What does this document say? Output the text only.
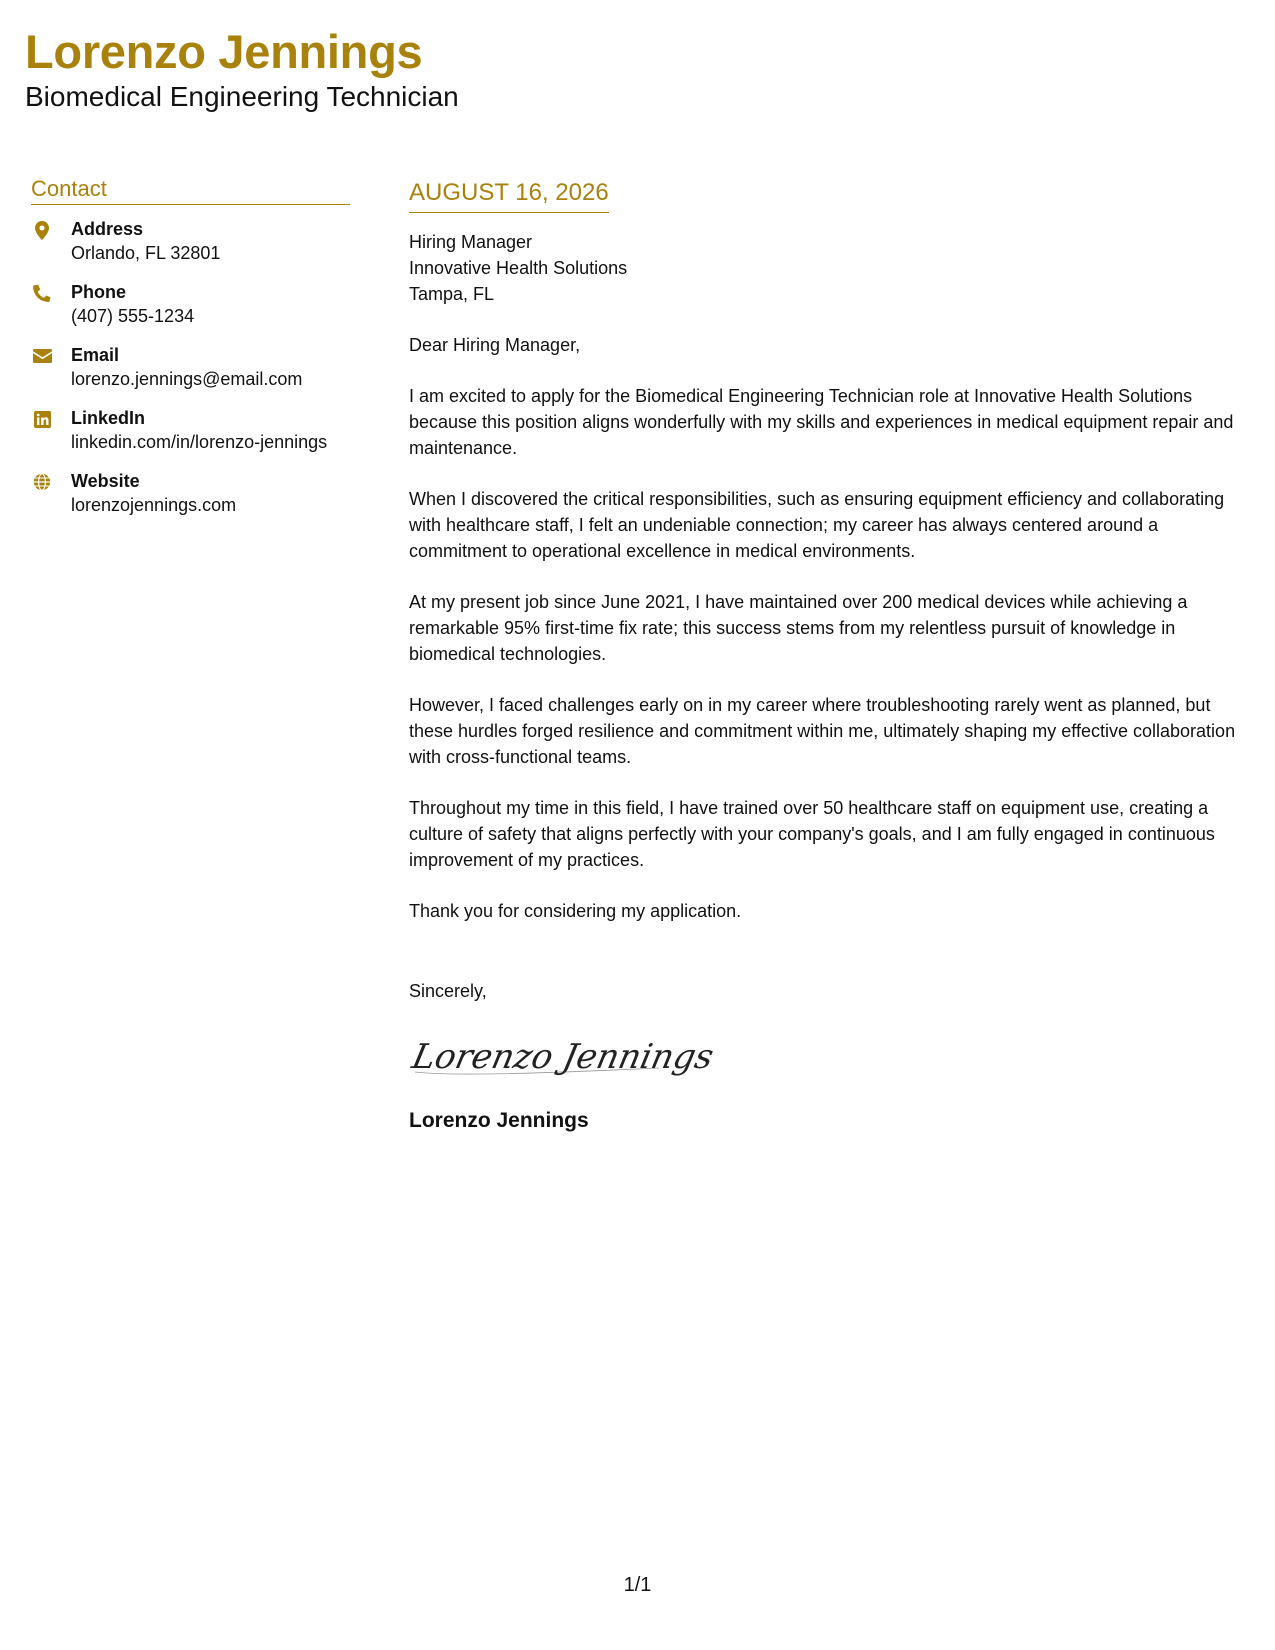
Lorenzo Jennings
Biomedical Engineering Technician
Contact
Address
Orlando, FL 32801
Phone
(407) 555-1234
Email
lorenzo.jennings@email.com
LinkedIn
linkedin.com/in/lorenzo-jennings
Website
lorenzojennings.com
AUGUST 16, 2026
Hiring Manager
Innovative Health Solutions
Tampa, FL
Dear Hiring Manager,
I am excited to apply for the Biomedical Engineering Technician role at Innovative Health Solutions because this position aligns wonderfully with my skills and experiences in medical equipment repair and maintenance.
When I discovered the critical responsibilities, such as ensuring equipment efficiency and collaborating with healthcare staff, I felt an undeniable connection; my career has always centered around a commitment to operational excellence in medical environments.
At my present job since June 2021, I have maintained over 200 medical devices while achieving a remarkable 95% first-time fix rate; this success stems from my relentless pursuit of knowledge in biomedical technologies.
However, I faced challenges early on in my career where troubleshooting rarely went as planned, but these hurdles forged resilience and commitment within me, ultimately shaping my effective collaboration with cross-functional teams.
Throughout my time in this field, I have trained over 50 healthcare staff on equipment use, creating a culture of safety that aligns perfectly with your company's goals, and I am fully engaged in continuous improvement of my practices.
Thank you for considering my application.
Sincerely,
Lorenzo Jennings
Lorenzo Jennings
1/1
